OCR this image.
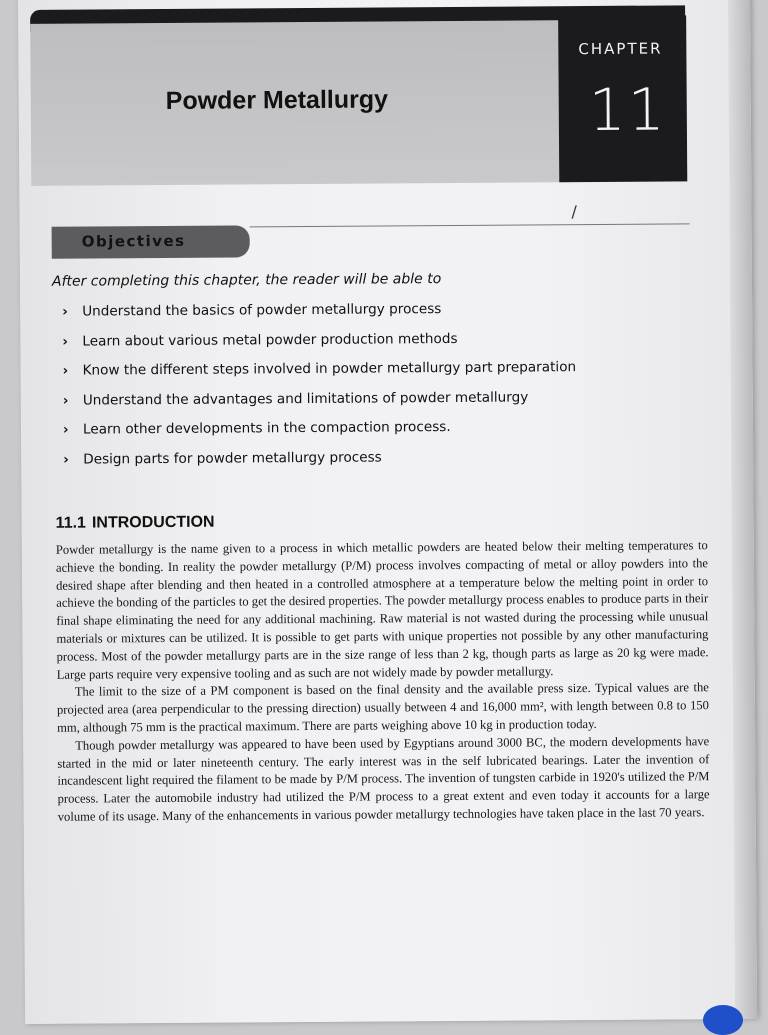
CHAPTER
11
Powder Metallurgy
/
Objectives
After completing this chapter, the reader will be able to
› Understand the basics of powder metallurgy process
› Learn about various metal powder production methods
› Know the different steps involved in powder metallurgy part preparation
› Understand the advantages and limitations of powder metallurgy
› Learn other developments in the compaction process.
› Design parts for powder metallurgy process
11.1 INTRODUCTION

Powder metallurgy is the name given to a process in which metallic powders are heated below their melting temperatures to achieve the bonding. In reality the powder metallurgy (P/M) process involves compacting of metal or alloy powders into the desired shape after blending and then heated in a controlled atmosphere at a temperature below the melting point in order to achieve the bonding of the particles to get the desired properties. The powder metallurgy process enables to produce parts in their final shape eliminating the need for any additional machining. Raw material is not wasted during the processing while unusual materials or mixtures can be utilized. It is possible to get parts with unique properties not possible by any other manufacturing process. Most of the powder metallurgy parts are in the size range of less than 2 kg, though parts as large as 20 kg were made. Large parts require very expensive tooling and as such are not widely made by powder metallurgy.

The limit to the size of a PM component is based on the final density and the available press size. Typical values are the projected area (area perpendicular to the pressing direction) usually between 4 and 16,000 mm², with length between 0.8 to 150 mm, although 75 mm is the practical maximum. There are parts weighing above 10 kg in production today.

Though powder metallurgy was appeared to have been used by Egyptians around 3000 BC, the modern developments have started in the mid or later nineteenth century. The early interest was in the self lubricated bearings. Later the invention of incandescent light required the filament to be made by P/M process. The invention of tungsten carbide in 1920's utilized the P/M process. Later the automobile industry had utilized the P/M process to a great extent and even today it accounts for a large volume of its usage. Many of the enhancements in various powder metallurgy technologies have taken place in the last 70 years.
